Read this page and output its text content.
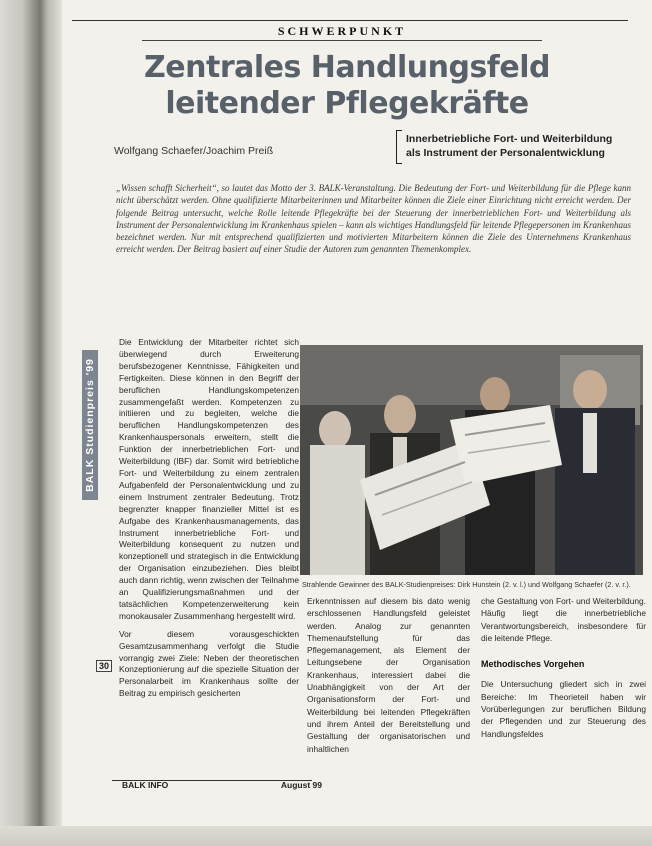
SCHWERPUNKT
Zentrales Handlungsfeld
leitender Pflegekräfte
Wolfgang Schaefer/Joachim Preiß
Innerbetriebliche Fort- und Weiterbildung
als Instrument der Personalentwicklung
„Wissen schafft Sicherheit“, so lautet das Motto der 3. BALK-Veranstaltung. Die Bedeutung der Fort- und Weiterbildung für die Pflege kann nicht überschätzt werden. Ohne qualifizierte Mitarbeiterinnen und Mitarbeiter können die Ziele einer Einrichtung nicht erreicht werden. Der folgende Beitrag untersucht, welche Rolle leitende Pflegekräfte bei der Steuerung der innerbetrieblichen Fort- und Weiterbildung als Instrument der Personalentwicklung im Krankenhaus spielen – kann als wichtiges Handlungsfeld für leitende Pflegepersonen im Krankenhaus bezeichnet werden. Nur mit entsprechend qualifizierten und motivierten Mitarbeitern können die Ziele des Unternehmens Krankenhaus erreicht werden. Der Beitrag basiert auf einer Studie der Autoren zum genannten Themenkomplex.
BALK Studienpreis '99

Die Entwicklung der Mitarbeiter richtet sich überwiegend durch Erweiterung berufsbezogener Kenntnisse, Fähigkeiten und Fertigkeiten. Diese können in den Begriff der beruflichen Handlungskompetenzen zusammengefaßt werden. Kompetenzen zu initiieren und zu begleiten, welche die beruflichen Handlungskompetenzen des Krankenhauspersonals erweitern, stellt die Funktion der innerbetrieblichen Fort- und Weiterbildung (IBF) dar. Somit wird betriebliche Fort- und Weiterbildung zu einem zentralen Aufgabenfeld der Personalentwicklung und zu einem Instrument zentraler Bedeutung. Trotz begrenzter knapper finanzieller Mittel ist es Aufgabe des Krankenhausmanagements, das Instrument innerbetriebliche Fort- und Weiterbildung konsequent zu nutzen und konzeptionell und strategisch in die Entwicklung der Organisation einzubeziehen. Dies bleibt auch dann richtig, wenn zwischen der Teilnahme an Qualifizierungsmaßnahmen und der tatsächlichen Kompetenzerweiterung kein monokausaler Zusammenhang hergestellt wird.

Vor diesem vorausgeschickten Gesamtzusammenhang verfolgt die Studie vorrangig zwei Ziele: Neben der theoretischen Konzeptionierung auf die spezielle Situation der Personalarbeit im Krankenhaus sollte der Beitrag zu empirisch gesicherten

30
Strahlende Gewinner des BALK-Studienpreises: Dirk Hunstein (2. v. l.) und Wolfgang Schaefer (2. v. r.).
Erkenntnissen auf diesem bis dato wenig erschlossenen Handlungsfeld geleistet werden. Analog zur genannten Themenaufstellung für das Pflegemanagement, als Element der Leitungsebene der Organisation Krankenhaus, interessiert dabei die Unabhängigkeit von der Art der Organisationsform der Fort- und Weiterbildung bei leitenden Pflegekräften und ihrem Anteil der Bereitstellung und Gestaltung der organisatorischen und inhaltlichen

che Gestaltung von Fort- und Weiterbildung. Häufig liegt die innerbetriebliche Verantwortungsbereich, insbesondere für die leitende Pflege.

Methodisches Vorgehen

Die Untersuchung gliedert sich in zwei Bereiche: Im Theorieteil haben wir Vorüberlegungen zur beruflichen Bildung der Pflegenden und zur Steuerung des Handlungsfeldes

BALK INFO	August 99
